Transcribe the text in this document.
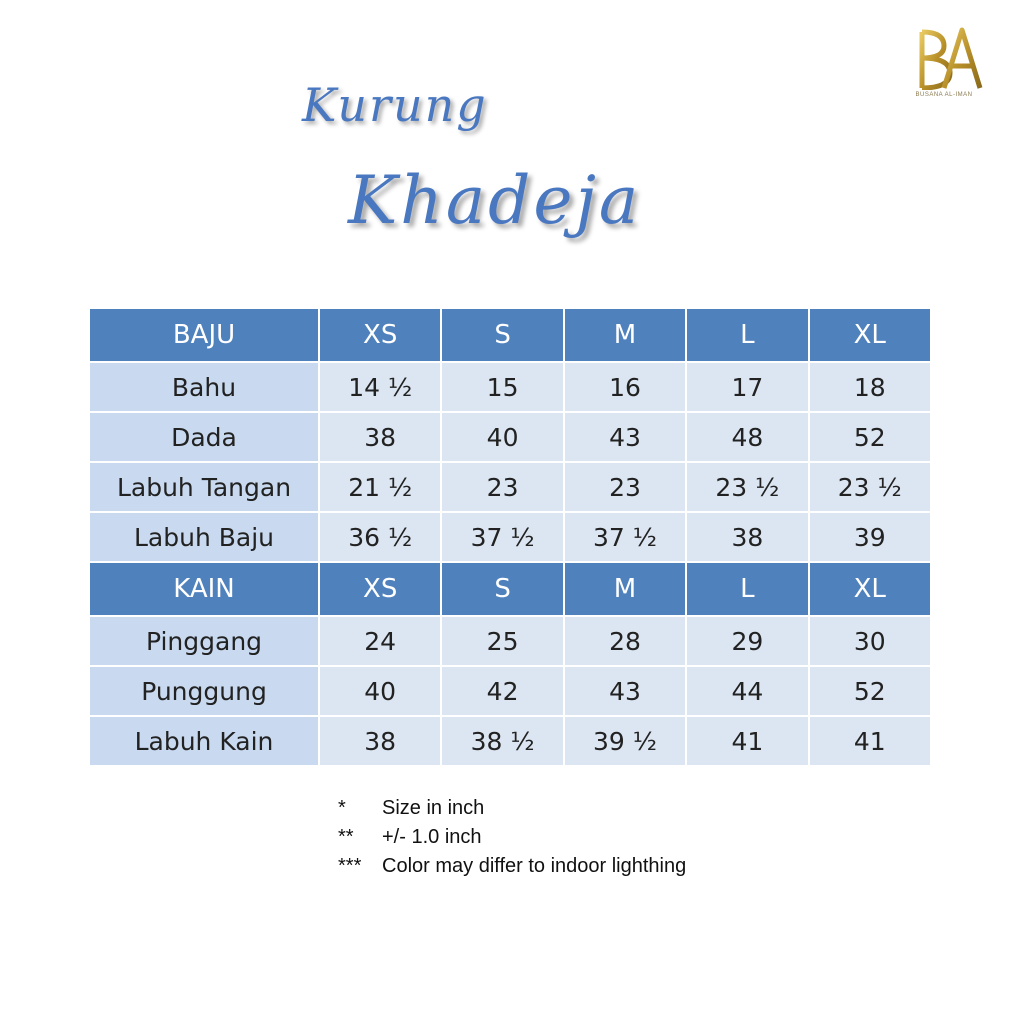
BUSANA AL-IMAN
Kurung
Khadeja
BAJU	XS	S	M	L	XL
Bahu	14 ½	15	16	17	18
Dada	38	40	43	48	52
Labuh Tangan	21 ½	23	23	23 ½	23 ½
Labuh Baju	36 ½	37 ½	37 ½	38	39
KAIN	XS	S	M	L	XL
Pinggang	24	25	28	29	30
Punggung	40	42	43	44	52
Labuh Kain	38	38 ½	39 ½	41	41
*	Size in inch
**	+/- 1.0 inch
***	Color may differ to indoor lighthing
